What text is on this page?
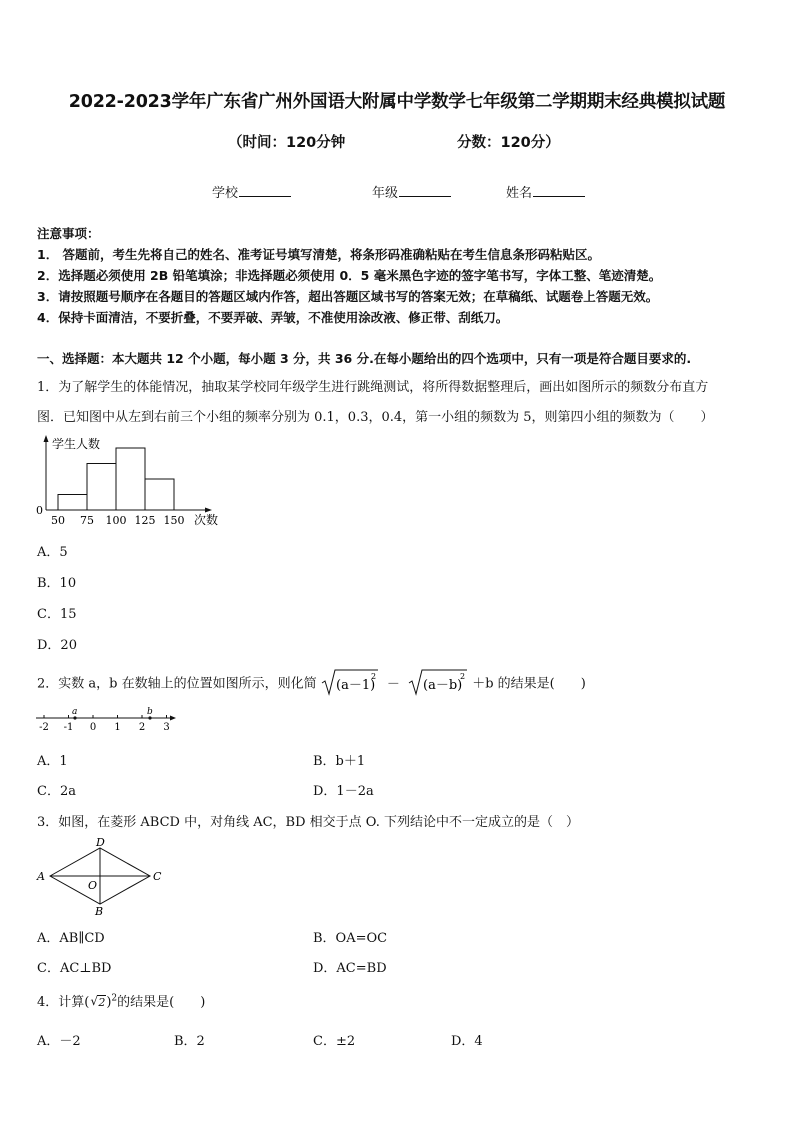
2022-2023学年广东省广州外国语大附属中学数学七年级第二学期期末经典模拟试题
（时间：120分钟	分数：120分）
学校	年级	姓名
注意事项：
1． 答题前，考生先将自己的姓名、准考证号填写清楚，将条形码准确粘贴在考生信息条形码粘贴区。
2．选择题必须使用 2B 铅笔填涂；非选择题必须使用 0．5 毫米黑色字迹的签字笔书写，字体工整、笔迹清楚。
3．请按照题号顺序在各题目的答题区域内作答，超出答题区域书写的答案无效；在草稿纸、试题卷上答题无效。
4．保持卡面清洁，不要折叠，不要弄破、弄皱，不准使用涂改液、修正带、刮纸刀。
一、选择题：本大题共 12 个小题，每小题 3 分，共 36 分.在每小题给出的四个选项中，只有一项是符合题目要求的.
1．为了解学生的体能情况，抽取某学校同年级学生进行跳绳测试，将所得数据整理后，画出如图所示的频数分布直方
图．已知图中从左到右前三个小组的频率分别为 0.1，0.3，0.4，第一小组的频数为 5，则第四小组的频数为（　　）
学生人数
次数
0
50 75 100 125 150
A．5
B．10
C．15
D．20
2．实数 a，b 在数轴上的位置如图所示，则化简 (a－1)
2 － (a－b)
2 ＋b 的结果是(　　)
-2 -1 0 1 2 3
a	b
A．1	B．b＋1
C．2a	D．1－2a
3．如图，在菱形 ABCD 中，对角线 AC，BD 相交于点 O. 下列结论中不一定成立的是（　）
A
D
C
B
O
A．AB∥CD	B．OA=OC
C．AC⊥BD	D．AC=BD
4．计算( √ 2)$^2$的结果是(　　)
A．－2	B．2	C．±2	D．4
